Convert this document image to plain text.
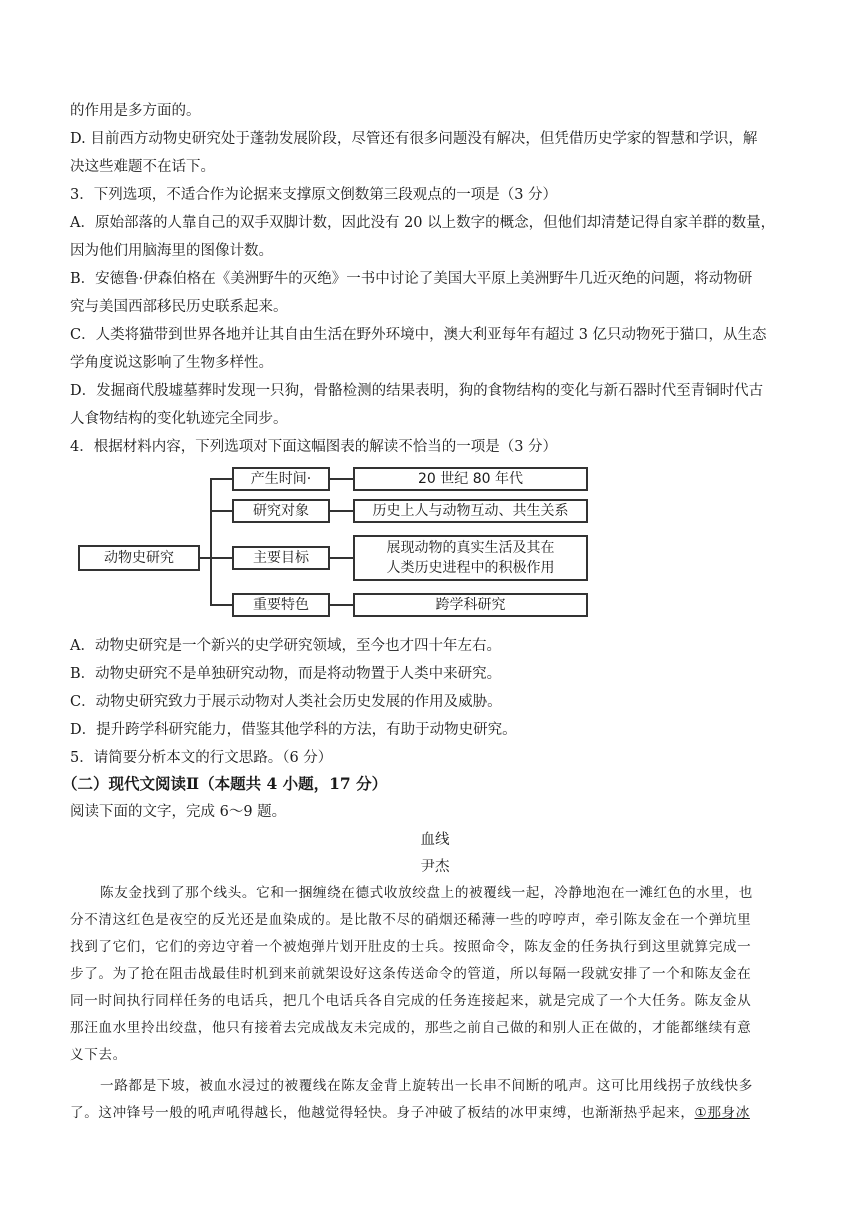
的作用是多方面的。
D. 目前西方动物史研究处于蓬勃发展阶段，尽管还有很多问题没有解决，但凭借历史学家的智慧和学识，解
决这些难题不在话下。
3．下列选项，不适合作为论据来支撑原文倒数第三段观点的一项是（3 分）
A．原始部落的人靠自己的双手双脚计数，因此没有 20 以上数字的概念，但他们却清楚记得自家羊群的数量，
因为他们用脑海里的图像计数。
B．安德鲁·伊森伯格在《美洲野牛的灭绝》一书中讨论了美国大平原上美洲野牛几近灭绝的问题，将动物研
究与美国西部移民历史联系起来。
C．人类将猫带到世界各地并让其自由生活在野外环境中，澳大利亚每年有超过 3 亿只动物死于猫口，从生态
学角度说这影响了生物多样性。
D．发掘商代殷墟墓葬时发现一只狗，骨骼检测的结果表明，狗的食物结构的变化与新石器时代至青铜时代古
人食物结构的变化轨迹完全同步。
4．根据材料内容，下列选项对下面这幅图表的解读不恰当的一项是（3 分）
动物史研究
产生时间·
研究对象
主要目标
重要特色
20 世纪 80 年代
历史上人与动物互动、共生关系
展现动物的真实生活及其在
人类历史进程中的积极作用
跨学科研究
A．动物史研究是一个新兴的史学研究领域，至今也才四十年左右。
B．动物史研究不是单独研究动物，而是将动物置于人类中来研究。
C．动物史研究致力于展示动物对人类社会历史发展的作用及威胁。
D．提升跨学科研究能力，借鉴其他学科的方法，有助于动物史研究。
5．请简要分析本文的行文思路。（6 分）
（二）现代文阅读Ⅱ（本题共 4 小题，17 分）
阅读下面的文字，完成 6～9 题。
血线
尹杰
陈友金找到了那个线头。它和一捆缠绕在德式收放绞盘上的被覆线一起，冷静地泡在一滩红色的水里，也
分不清这红色是夜空的反光还是血染成的。是比散不尽的硝烟还稀薄一些的哼哼声，牵引陈友金在一个弹坑里
找到了它们，它们的旁边守着一个被炮弹片划开肚皮的士兵。按照命令，陈友金的任务执行到这里就算完成一
步了。为了抢在阻击战最佳时机到来前就架设好这条传送命令的管道，所以每隔一段就安排了一个和陈友金在
同一时间执行同样任务的电话兵，把几个电话兵各自完成的任务连接起来，就是完成了一个大任务。陈友金从
那汪血水里拎出绞盘，他只有接着去完成战友未完成的，那些之前自己做的和别人正在做的，才能都继续有意
义下去。
一路都是下坡，被血水浸过的被覆线在陈友金背上旋转出一长串不间断的吼声。这可比用线拐子放线快多
了。这冲锋号一般的吼声吼得越长，他越觉得轻快。身子冲破了板结的冰甲束缚，也渐渐热乎起来，①那身冰
